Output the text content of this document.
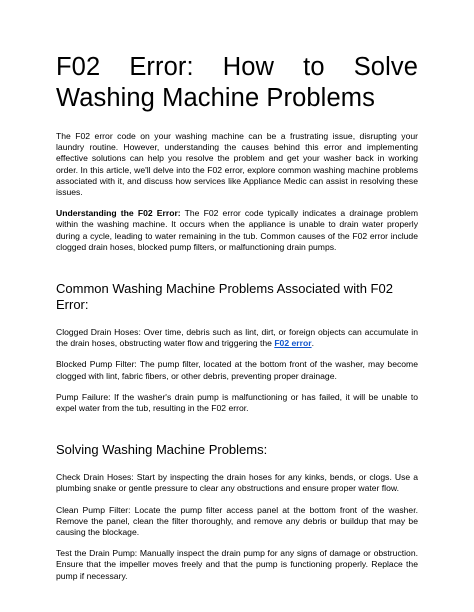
F02 Error: How to Solve Washing Machine Problems

The F02 error code on your washing machine can be a frustrating issue, disrupting your laundry routine. However, understanding the causes behind this error and implementing effective solutions can help you resolve the problem and get your washer back in working order. In this article, we'll delve into the F02 error, explore common washing machine problems associated with it, and discuss how services like Appliance Medic can assist in resolving these issues.

Understanding the F02 Error: The F02 error code typically indicates a drainage problem within the washing machine. It occurs when the appliance is unable to drain water properly during a cycle, leading to water remaining in the tub. Common causes of the F02 error include clogged drain hoses, blocked pump filters, or malfunctioning drain pumps.

Common Washing Machine Problems Associated with F02 Error:

Clogged Drain Hoses: Over time, debris such as lint, dirt, or foreign objects can accumulate in the drain hoses, obstructing water flow and triggering the F02 error.

Blocked Pump Filter: The pump filter, located at the bottom front of the washer, may become clogged with lint, fabric fibers, or other debris, preventing proper drainage.

Pump Failure: If the washer's drain pump is malfunctioning or has failed, it will be unable to expel water from the tub, resulting in the F02 error.

Solving Washing Machine Problems:

Check Drain Hoses: Start by inspecting the drain hoses for any kinks, bends, or clogs. Use a plumbing snake or gentle pressure to clear any obstructions and ensure proper water flow.

Clean Pump Filter: Locate the pump filter access panel at the bottom front of the washer. Remove the panel, clean the filter thoroughly, and remove any debris or buildup that may be causing the blockage.

Test the Drain Pump: Manually inspect the drain pump for any signs of damage or obstruction. Ensure that the impeller moves freely and that the pump is functioning properly. Replace the pump if necessary.
